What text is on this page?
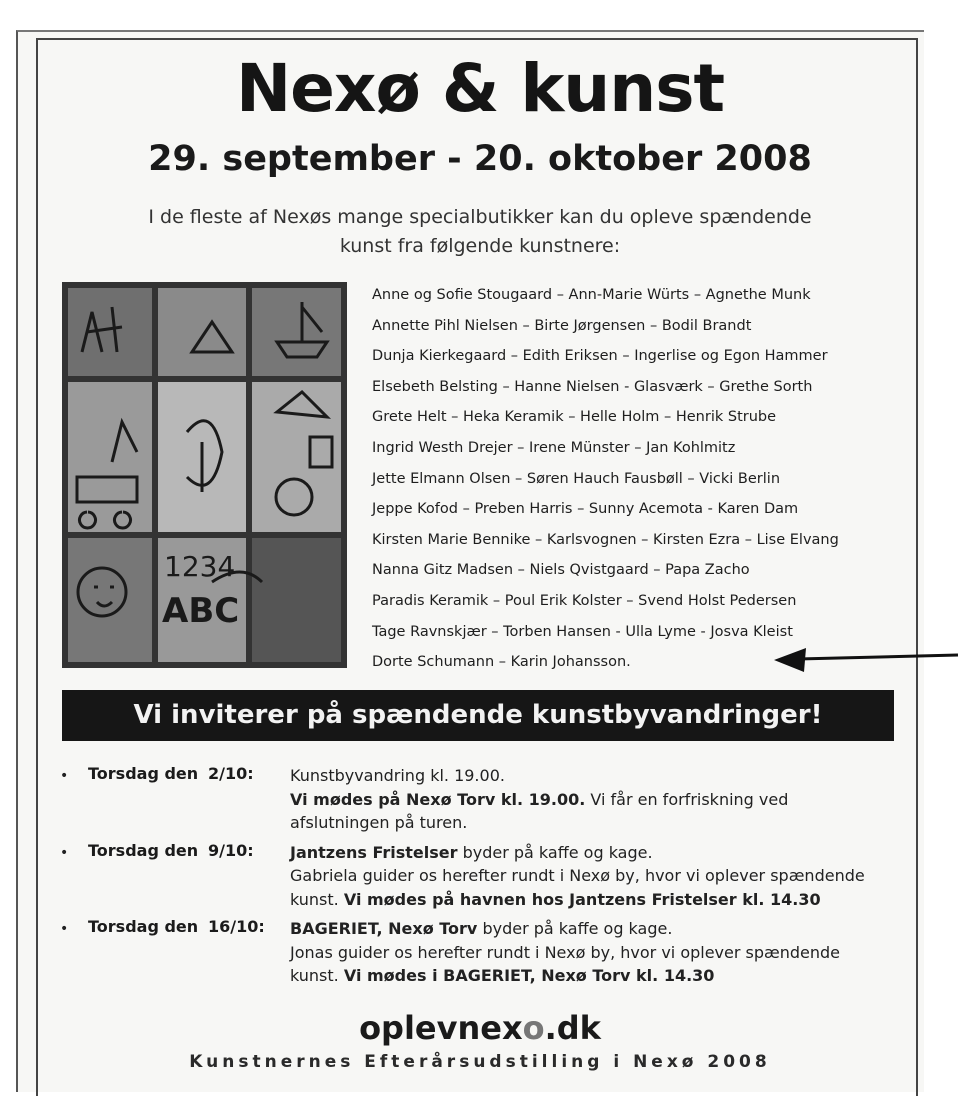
Nexø & kunst
29. september - 20. oktober 2008
I de fleste af Nexøs mange specialbutikker kan du opleve spændende
kunst fra følgende kunstnere:
1234
ABC
Anne og Sofie Stougaard – Ann-Marie Würts – Agnethe Munk
Annette Pihl Nielsen – Birte Jørgensen – Bodil Brandt
Dunja Kierkegaard – Edith Eriksen – Ingerlise og Egon Hammer
Elsebeth Belsting – Hanne Nielsen - Glasværk – Grethe Sorth
Grete Helt – Heka Keramik – Helle Holm – Henrik Strube
Ingrid Westh Drejer – Irene Münster – Jan Kohlmitz
Jette Elmann Olsen – Søren Hauch Fausbøll – Vicki Berlin
Jeppe Kofod – Preben Harris – Sunny Acemota - Karen Dam
Kirsten Marie Bennike – Karlsvognen – Kirsten Ezra – Lise Elvang
Nanna Gitz Madsen – Niels Qvistgaard – Papa Zacho
Paradis Keramik – Poul Erik Kolster – Svend Holst Pedersen
Tage Ravnskjær – Torben Hansen - Ulla Lyme - Josva Kleist
Dorte Schumann – Karin Johansson.
Vi inviterer på spændende kunstbyvandringer!
• Torsdag den 2/10:	Kunstbyvandring kl. 19.00.
Vi mødes på Nexø Torv kl. 19.00. Vi får en forfriskning ved
afslutningen på turen.
• Torsdag den 9/10:	Jantzens Fristelser byder på kaffe og kage.
Gabriela guider os herefter rundt i Nexø by, hvor vi oplever spændende
kunst. Vi mødes på havnen hos Jantzens Fristelser kl. 14.30
• Torsdag den 16/10:	BAGERIET, Nexø Torv byder på kaffe og kage.
Jonas guider os herefter rundt i Nexø by, hvor vi oplever spændende
kunst. Vi mødes i BAGERIET, Nexø Torv kl. 14.30
oplevnexo.dk
Kunstnernes Efterårsudstilling i Nexø 2008
